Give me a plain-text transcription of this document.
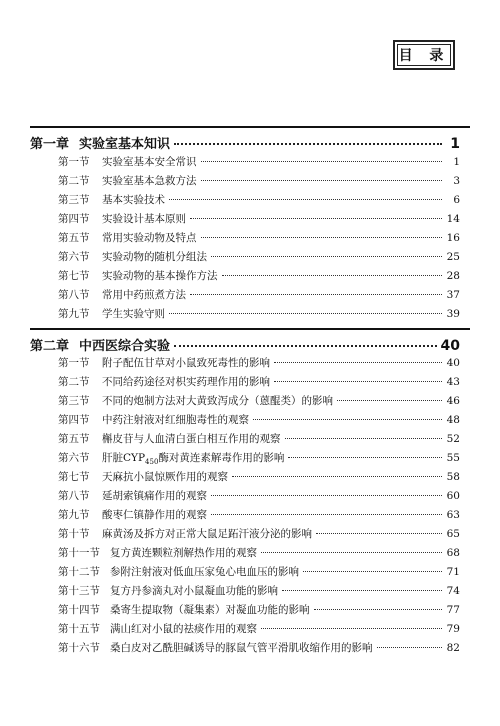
目 录
第一章 实验室基本知识	1
第一节 实验室基本安全常识	1
第二节 实验室基本急救方法	3
第三节 基本实验技术	6
第四节 实验设计基本原则	14
第五节 常用实验动物及特点	16
第六节 实验动物的随机分组法	25
第七节 实验动物的基本操作方法	28
第八节 常用中药煎煮方法	37
第九节 学生实验守则	39
第二章 中西医综合实验	40
第一节 附子配伍甘草对小鼠致死毒性的影响	40
第二节 不同给药途径对枳实药理作用的影响	43
第三节 不同的炮制方法对大黄致泻成分（蒽醌类）的影响	46
第四节 中药注射液对红细胞毒性的观察	48
第五节 槲皮苷与人血清白蛋白相互作用的观察	52
第六节 肝脏$CYP_{450}$酶对黄连素解毒作用的影响	55
第七节 天麻抗小鼠惊厥作用的观察	58
第八节 延胡索镇痛作用的观察	60
第九节 酸枣仁镇静作用的观察	63
第十节 麻黄汤及拆方对正常大鼠足跖汗液分泌的影响	65
第十一节 复方黄连颗粒剂解热作用的观察	68
第十二节 参附注射液对低血压家兔心电血压的影响	71
第十三节 复方丹参滴丸对小鼠凝血功能的影响	74
第十四节 桑寄生提取物（凝集素）对凝血功能的影响	77
第十五节 满山红对小鼠的祛痰作用的观察	79
第十六节 桑白皮对乙酰胆碱诱导的豚鼠气管平滑肌收缩作用的影响	82
